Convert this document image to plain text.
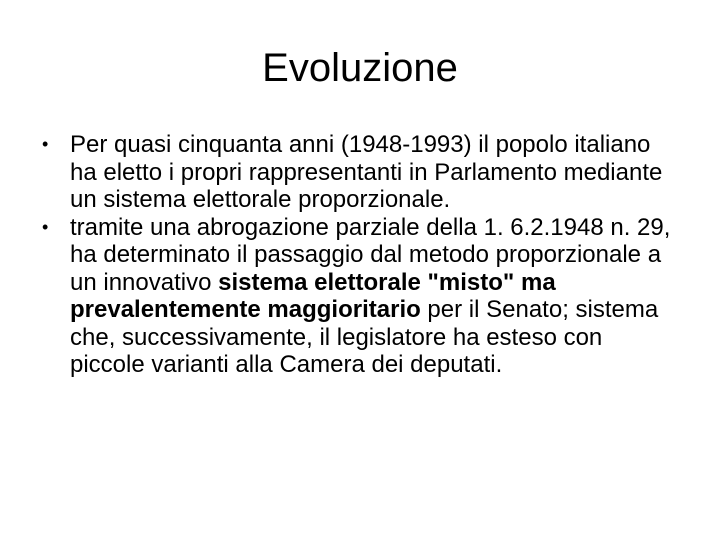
Evoluzione
• Per quasi cinquanta anni (1948-1993) il popolo italiano ha eletto i propri rappresentanti in Parlamento mediante un sistema elettorale proporzionale.
• tramite una abrogazione parziale della 1. 6.2.1948 n. 29, ha determinato il passaggio dal metodo proporzionale a un innovativo sistema elettorale "misto" ma prevalentemente maggioritario per il Senato; sistema che, successivamente, il legislatore ha esteso con piccole varianti alla Camera dei deputati.
